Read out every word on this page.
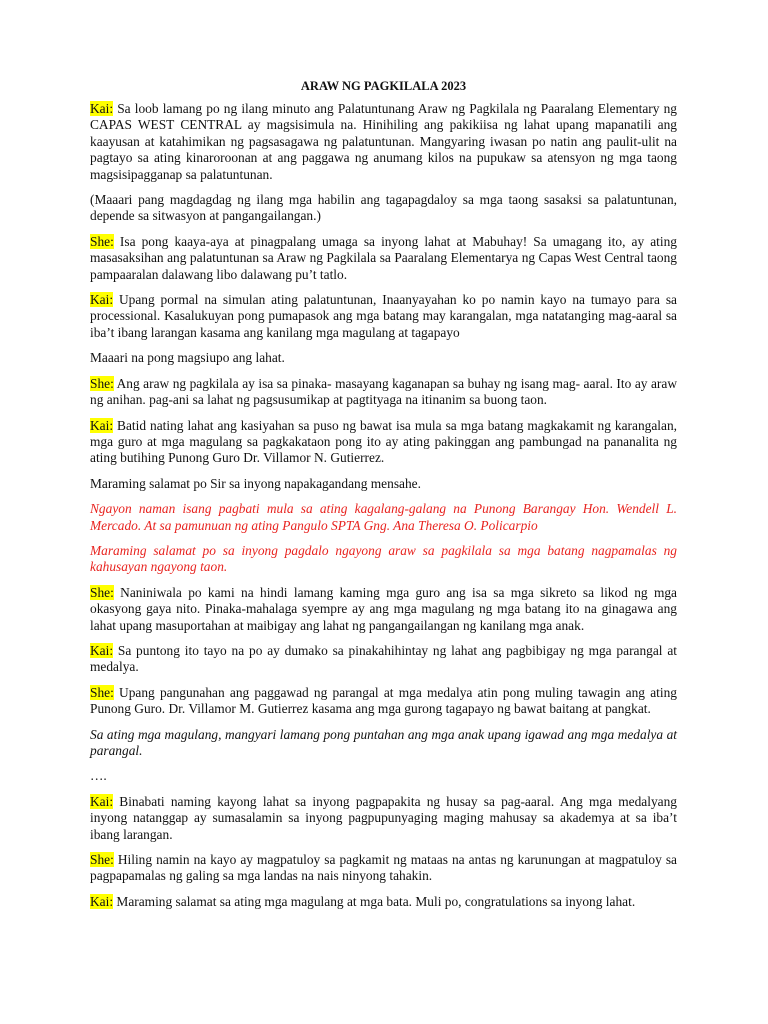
ARAW NG PAGKILALA 2023

Kai: Sa loob lamang po ng ilang minuto ang Palatuntunang Araw ng Pagkilala ng Paaralang Elementary ng CAPAS WEST CENTRAL ay magsisimula na. Hinihiling ang pakikiisa ng lahat upang mapanatili ang kaayusan at katahimikan ng pagsasagawa ng palatuntunan. Mangyaring iwasan po natin ang paulit-ulit na pagtayo sa ating kinaroroonan at ang paggawa ng anumang kilos na pupukaw sa atensyon ng mga taong magsisipagganap sa palatuntunan.

(Maaari pang magdagdag ng ilang mga habilin ang tagapagdaloy sa mga taong sasaksi sa palatuntunan, depende sa sitwasyon at pangangailangan.)

She: Isa pong kaaya-aya at pinagpalang umaga sa inyong lahat at Mabuhay! Sa umagang ito, ay ating masasaksihan ang palatuntunan sa Araw ng Pagkilala sa Paaralang Elementarya ng Capas West Central taong pampaaralan dalawang libo dalawang pu’t tatlo.

Kai: Upang pormal na simulan ating palatuntunan, Inaanyayahan ko po namin kayo na tumayo para sa processional. Kasalukuyan pong pumapasok ang mga batang may karangalan, mga natatanging mag-aaral sa iba’t ibang larangan kasama ang kanilang mga magulang at tagapayo

Maaari na pong magsiupo ang lahat.

She: Ang araw ng pagkilala ay isa sa pinaka- masayang kaganapan sa buhay ng isang mag- aaral. Ito ay araw ng anihan. pag-ani sa lahat ng pagsusumikap at pagtityaga na itinanim sa buong taon.

Kai: Batid nating lahat ang kasiyahan sa puso ng bawat isa mula sa mga batang magkakamit ng karangalan, mga guro at mga magulang sa pagkakataon pong ito ay ating pakinggan ang pambungad na pananalita ng ating butihing Punong Guro Dr. Villamor N. Gutierrez.

Maraming salamat po Sir sa inyong napakagandang mensahe.

Ngayon naman isang pagbati mula sa ating kagalang-galang na Punong Barangay Hon. Wendell L. Mercado. At sa pamunuan ng ating Pangulo SPTA Gng. Ana Theresa O. Policarpio

Maraming salamat po sa inyong pagdalo ngayong araw sa pagkilala sa mga batang nagpamalas ng kahusayan ngayong taon.

She: Naniniwala po kami na hindi lamang kaming mga guro ang isa sa mga sikreto sa likod ng mga okasyong gaya nito. Pinaka-mahalaga syempre ay ang mga magulang ng mga batang ito na ginagawa ang lahat upang masuportahan at maibigay ang lahat ng pangangailangan ng kanilang mga anak.

Kai: Sa puntong ito tayo na po ay dumako sa pinakahihintay ng lahat ang pagbibigay ng mga parangal at medalya.

She: Upang pangunahan ang paggawad ng parangal at mga medalya atin pong muling tawagin ang ating Punong Guro. Dr. Villamor M. Gutierrez kasama ang mga gurong tagapayo ng bawat baitang at pangkat.

Sa ating mga magulang, mangyari lamang pong puntahan ang mga anak upang igawad ang mga medalya at parangal.

….

Kai: Binabati naming kayong lahat sa inyong pagpapakita ng husay sa pag-aaral. Ang mga medalyang inyong natanggap ay sumasalamin sa inyong pagpupunyaging maging mahusay sa akademya at sa iba’t ibang larangan.

She: Hiling namin na kayo ay magpatuloy sa pagkamit ng mataas na antas ng karunungan at magpatuloy sa pagpapamalas ng galing sa mga landas na nais ninyong tahakin.

Kai: Maraming salamat sa ating mga magulang at mga bata. Muli po, congratulations sa inyong lahat.
